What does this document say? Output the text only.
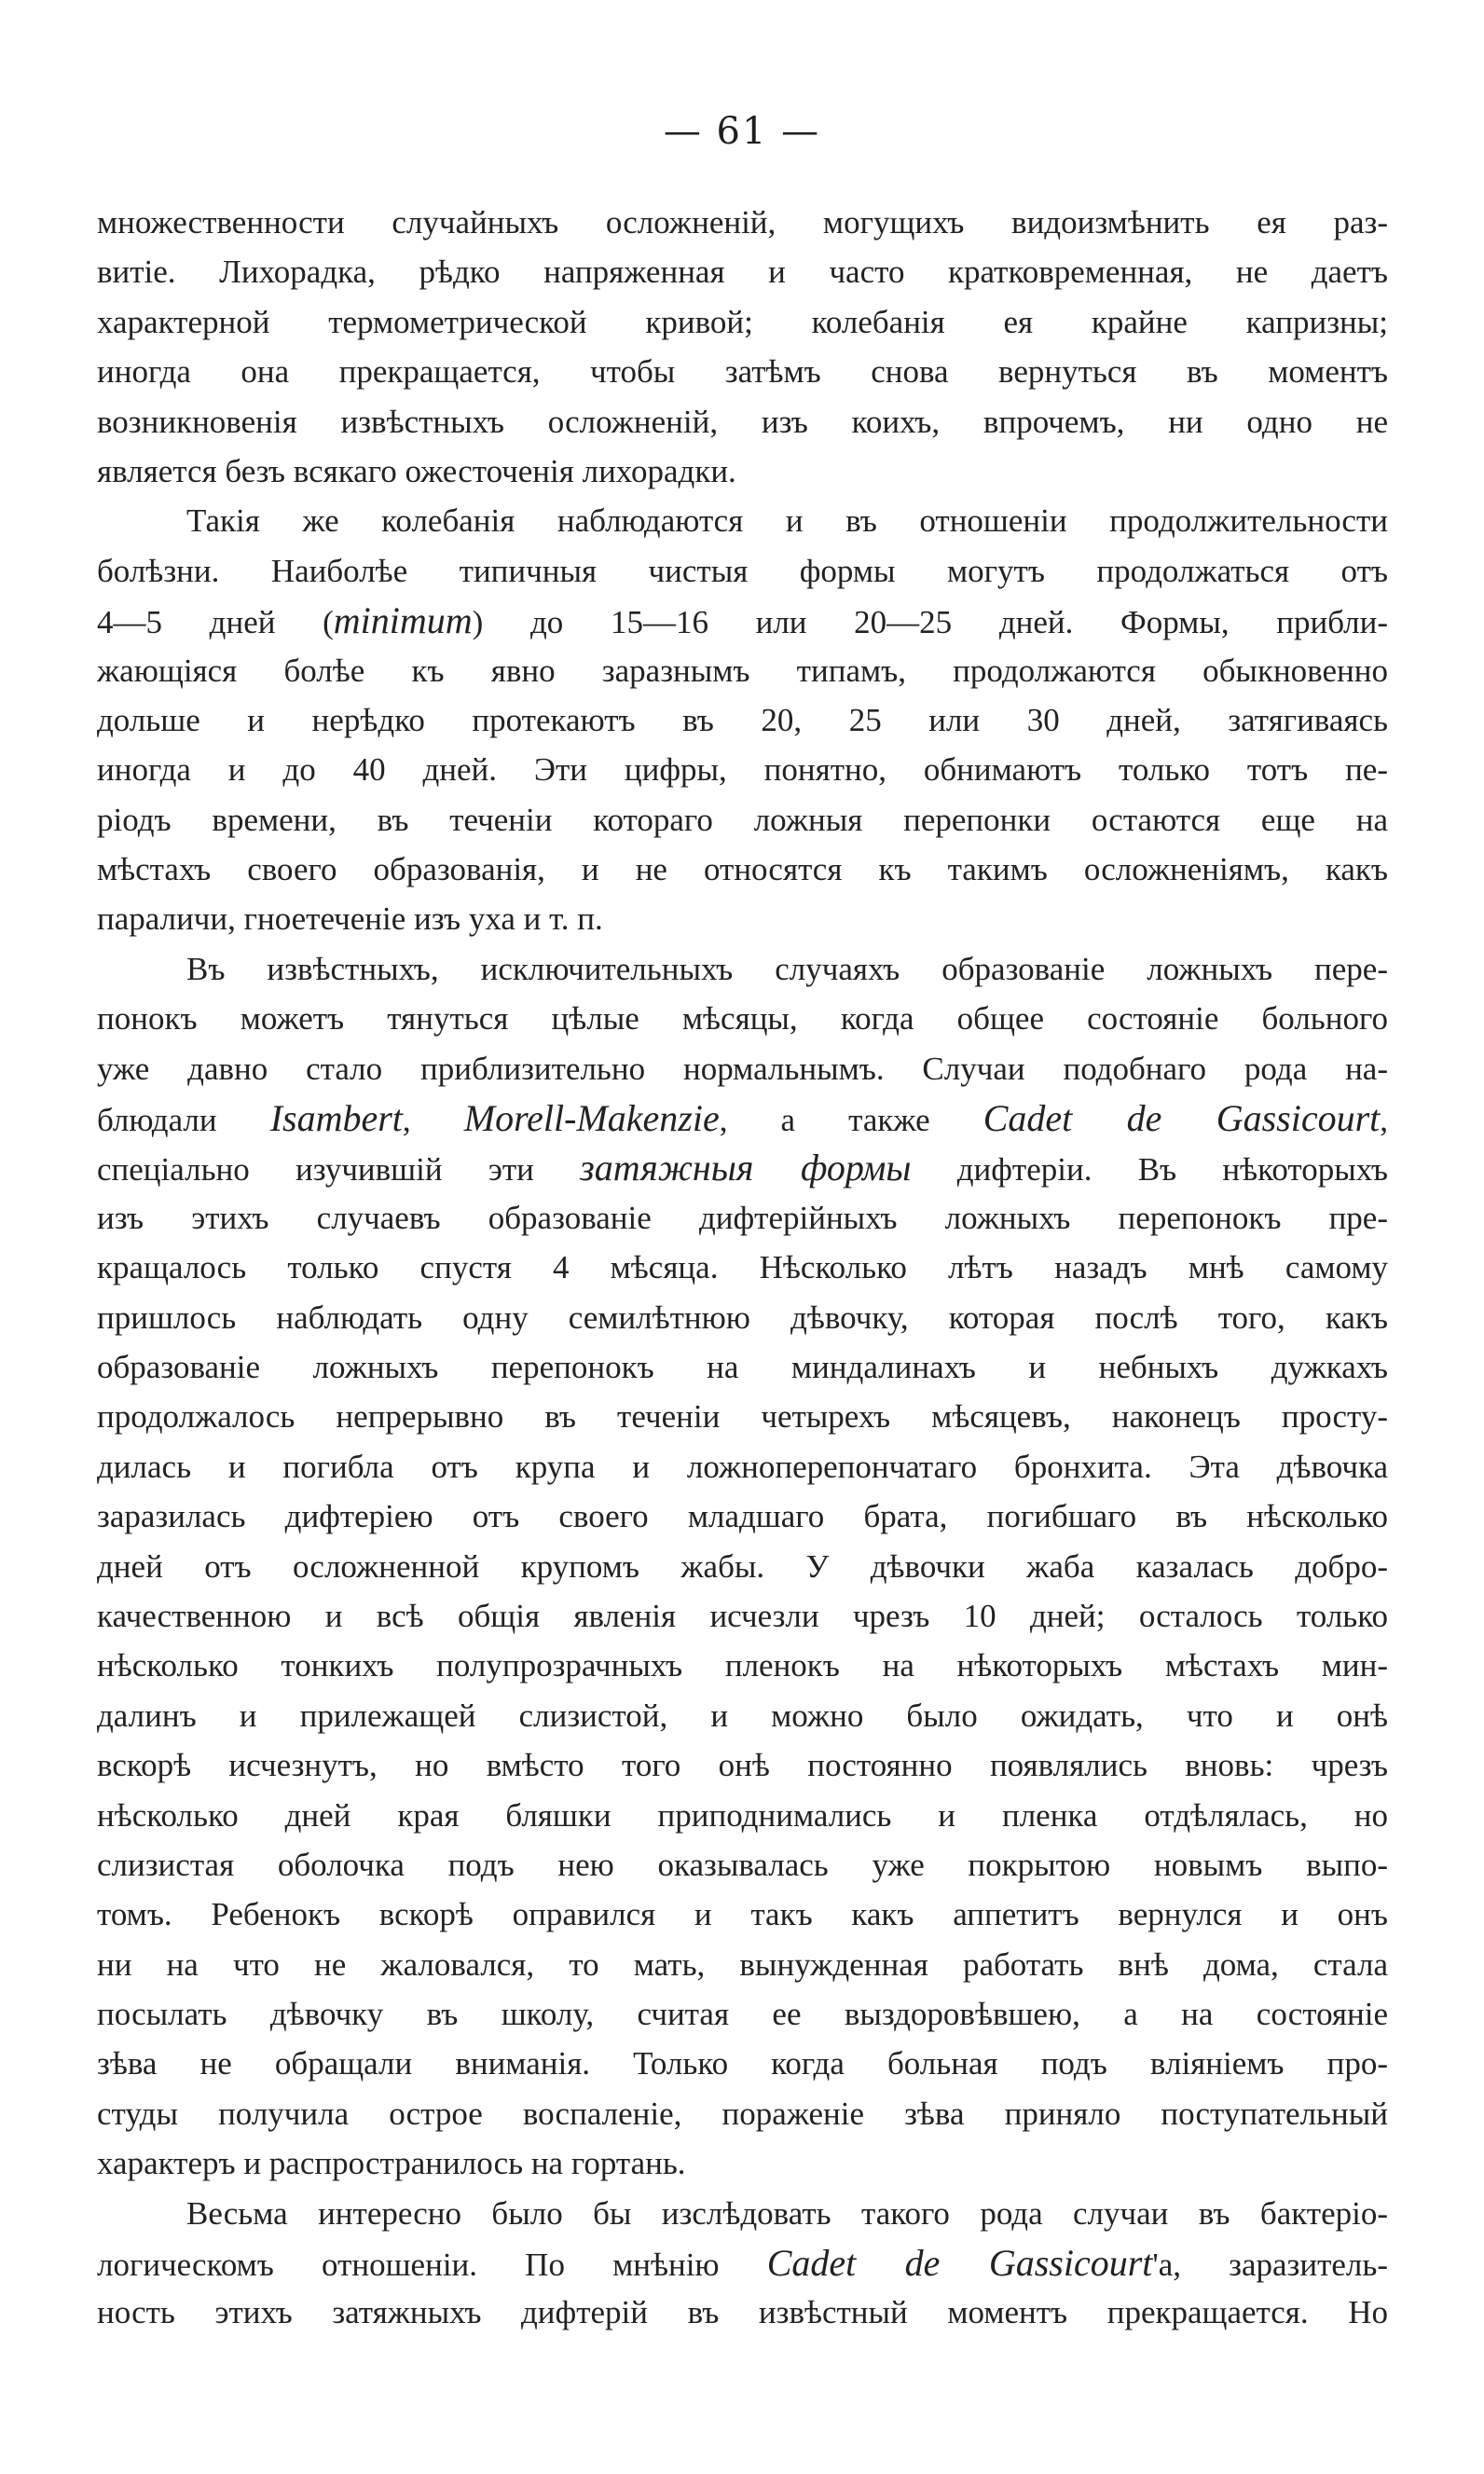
— 61 —
множественности случайныхъ осложненій, могущихъ видоизмѣнить ея раз-
витіе. Лихорадка, рѣдко напряженная и часто кратковременная, не даетъ
характерной термометрической кривой; колебанія ея крайне капризны;
иногда она прекращается, чтобы затѣмъ снова вернуться въ моментъ
возникновенія извѣстныхъ осложненій, изъ коихъ, впрочемъ, ни одно не
является безъ всякаго ожесточенія лихорадки.
Такія же колебанія наблюдаются и въ отношеніи продолжительности
болѣзни. Наиболѣе типичныя чистыя формы могутъ продолжаться отъ
4—5 дней (minimum) до 15—16 или 20—25 дней. Формы, прибли-
жающіяся болѣе къ явно заразнымъ типамъ, продолжаются обыкновенно
дольше и нерѣдко протекаютъ въ 20, 25 или 30 дней, затягиваясь
иногда и до 40 дней. Эти цифры, понятно, обнимаютъ только тотъ пе-
ріодъ времени, въ теченіи котораго ложныя перепонки остаются еще на
мѣстахъ своего образованія, и не относятся къ такимъ осложненіямъ, какъ
параличи, гноетеченіе изъ уха и т. п.
Въ извѣстныхъ, исключительныхъ случаяхъ образованіе ложныхъ пере-
понокъ можетъ тянуться цѣлые мѣсяцы, когда общее состояніе больного
уже давно стало приблизительно нормальнымъ. Случаи подобнаго рода на-
блюдали Isambert, Morell-Makenzie, а также Cadet de Gassicourt,
спеціально изучившій эти затяжныя формы дифтеріи. Въ нѣкоторыхъ
изъ этихъ случаевъ образованіе дифтерійныхъ ложныхъ перепонокъ пре-
кращалось только спустя 4 мѣсяца. Нѣсколько лѣтъ назадъ мнѣ самому
пришлось наблюдать одну семилѣтнюю дѣвочку, которая послѣ того, какъ
образованіе ложныхъ перепонокъ на миндалинахъ и небныхъ дужкахъ
продолжалось непрерывно въ теченіи четырехъ мѣсяцевъ, наконецъ просту-
дилась и погибла отъ крупа и ложноперепончатаго бронхита. Эта дѣвочка
заразилась дифтеріею отъ своего младшаго брата, погибшаго въ нѣсколько
дней отъ осложненной крупомъ жабы. У дѣвочки жаба казалась добро-
качественною и всѣ общія явленія исчезли чрезъ 10 дней; осталось только
нѣсколько тонкихъ полупрозрачныхъ пленокъ на нѣкоторыхъ мѣстахъ мин-
далинъ и прилежащей слизистой, и можно было ожидать, что и онѣ
вскорѣ исчезнутъ, но вмѣсто того онѣ постоянно появлялись вновь: чрезъ
нѣсколько дней края бляшки приподнимались и пленка отдѣлялась, но
слизистая оболочка подъ нею оказывалась уже покрытою новымъ выпо-
томъ. Ребенокъ вскорѣ оправился и такъ какъ аппетитъ вернулся и онъ
ни на что не жаловался, то мать, вынужденная работать внѣ дома, стала
посылать дѣвочку въ школу, считая ее выздоровѣвшею, а на состояніе
зѣва не обращали вниманія. Только когда больная подъ вліяніемъ про-
студы получила острое воспаленіе, пораженіе зѣва приняло поступательный
характеръ и распространилось на гортань.
Весьма интересно было бы изслѣдовать такого рода случаи въ бактеріо-
логическомъ отношеніи. По мнѣнію Cadet de Gassicourt'а, заразитель-
ность этихъ затяжныхъ дифтерій въ извѣстный моментъ прекращается. Но
